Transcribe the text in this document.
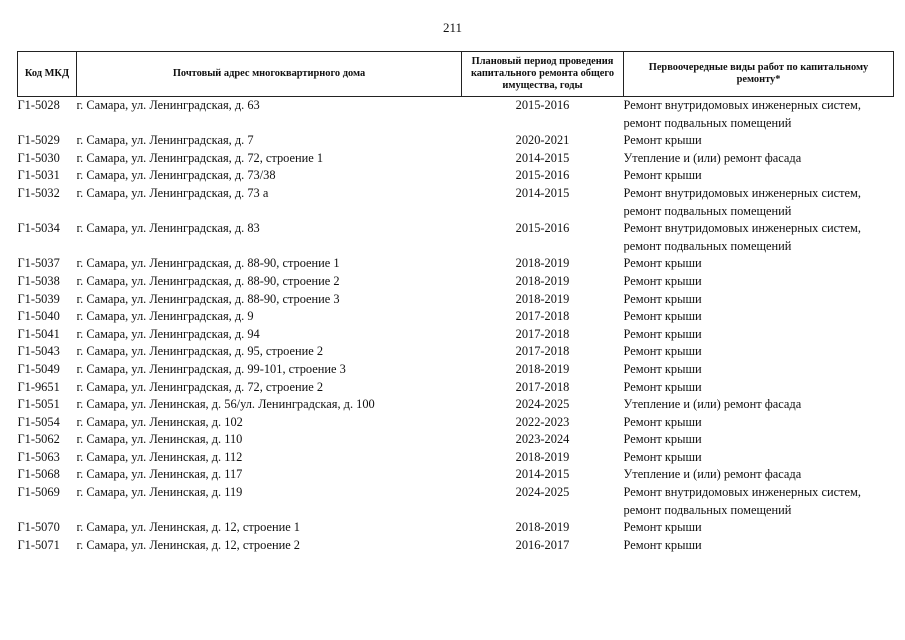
211
Код МКД	Почтовый адрес многоквартирного дома	Плановый период проведения капитального ремонта общего имущества, годы	Первоочередные виды работ по капитальному ремонту*
Г1-5028	г. Самара, ул. Ленинградская, д. 63	2015-2016	Ремонт внутридомовых инженерных систем,
ремонт подвальных помещений

Г1-5029	г. Самара, ул. Ленинградская, д. 7	2020-2021	Ремонт крыши

Г1-5030	г. Самара, ул. Ленинградская, д. 72, строение 1	2014-2015	Утепление и (или) ремонт фасада

Г1-5031	г. Самара, ул. Ленинградская, д. 73/38	2015-2016	Ремонт крыши

Г1-5032	г. Самара, ул. Ленинградская, д. 73 а	2014-2015	Ремонт внутридомовых инженерных систем,
ремонт подвальных помещений

Г1-5034	г. Самара, ул. Ленинградская, д. 83	2015-2016	Ремонт внутридомовых инженерных систем,
ремонт подвальных помещений

Г1-5037	г. Самара, ул. Ленинградская, д. 88-90, строение 1	2018-2019	Ремонт крыши

Г1-5038	г. Самара, ул. Ленинградская, д. 88-90, строение 2	2018-2019	Ремонт крыши

Г1-5039	г. Самара, ул. Ленинградская, д. 88-90, строение 3	2018-2019	Ремонт крыши

Г1-5040	г. Самара, ул. Ленинградская, д. 9	2017-2018	Ремонт крыши

Г1-5041	г. Самара, ул. Ленинградская, д. 94	2017-2018	Ремонт крыши

Г1-5043	г. Самара, ул. Ленинградская, д. 95, строение 2	2017-2018	Ремонт крыши

Г1-5049	г. Самара, ул. Ленинградская, д. 99-101, строение 3	2018-2019	Ремонт крыши

Г1-9651	г. Самара, ул. Ленинградская, д. 72, строение 2	2017-2018	Ремонт крыши

Г1-5051	г. Самара, ул. Ленинская, д. 56/ул. Ленинградская, д. 100	2024-2025	Утепление и (или) ремонт фасада

Г1-5054	г. Самара, ул. Ленинская, д. 102	2022-2023	Ремонт крыши

Г1-5062	г. Самара, ул. Ленинская, д. 110	2023-2024	Ремонт крыши

Г1-5063	г. Самара, ул. Ленинская, д. 112	2018-2019	Ремонт крыши

Г1-5068	г. Самара, ул. Ленинская, д. 117	2014-2015	Утепление и (или) ремонт фасада

Г1-5069	г. Самара, ул. Ленинская, д. 119	2024-2025	Ремонт внутридомовых инженерных систем,
ремонт подвальных помещений

Г1-5070	г. Самара, ул. Ленинская, д. 12, строение 1	2018-2019	Ремонт крыши

Г1-5071	г. Самара, ул. Ленинская, д. 12, строение 2	2016-2017	Ремонт крыши
